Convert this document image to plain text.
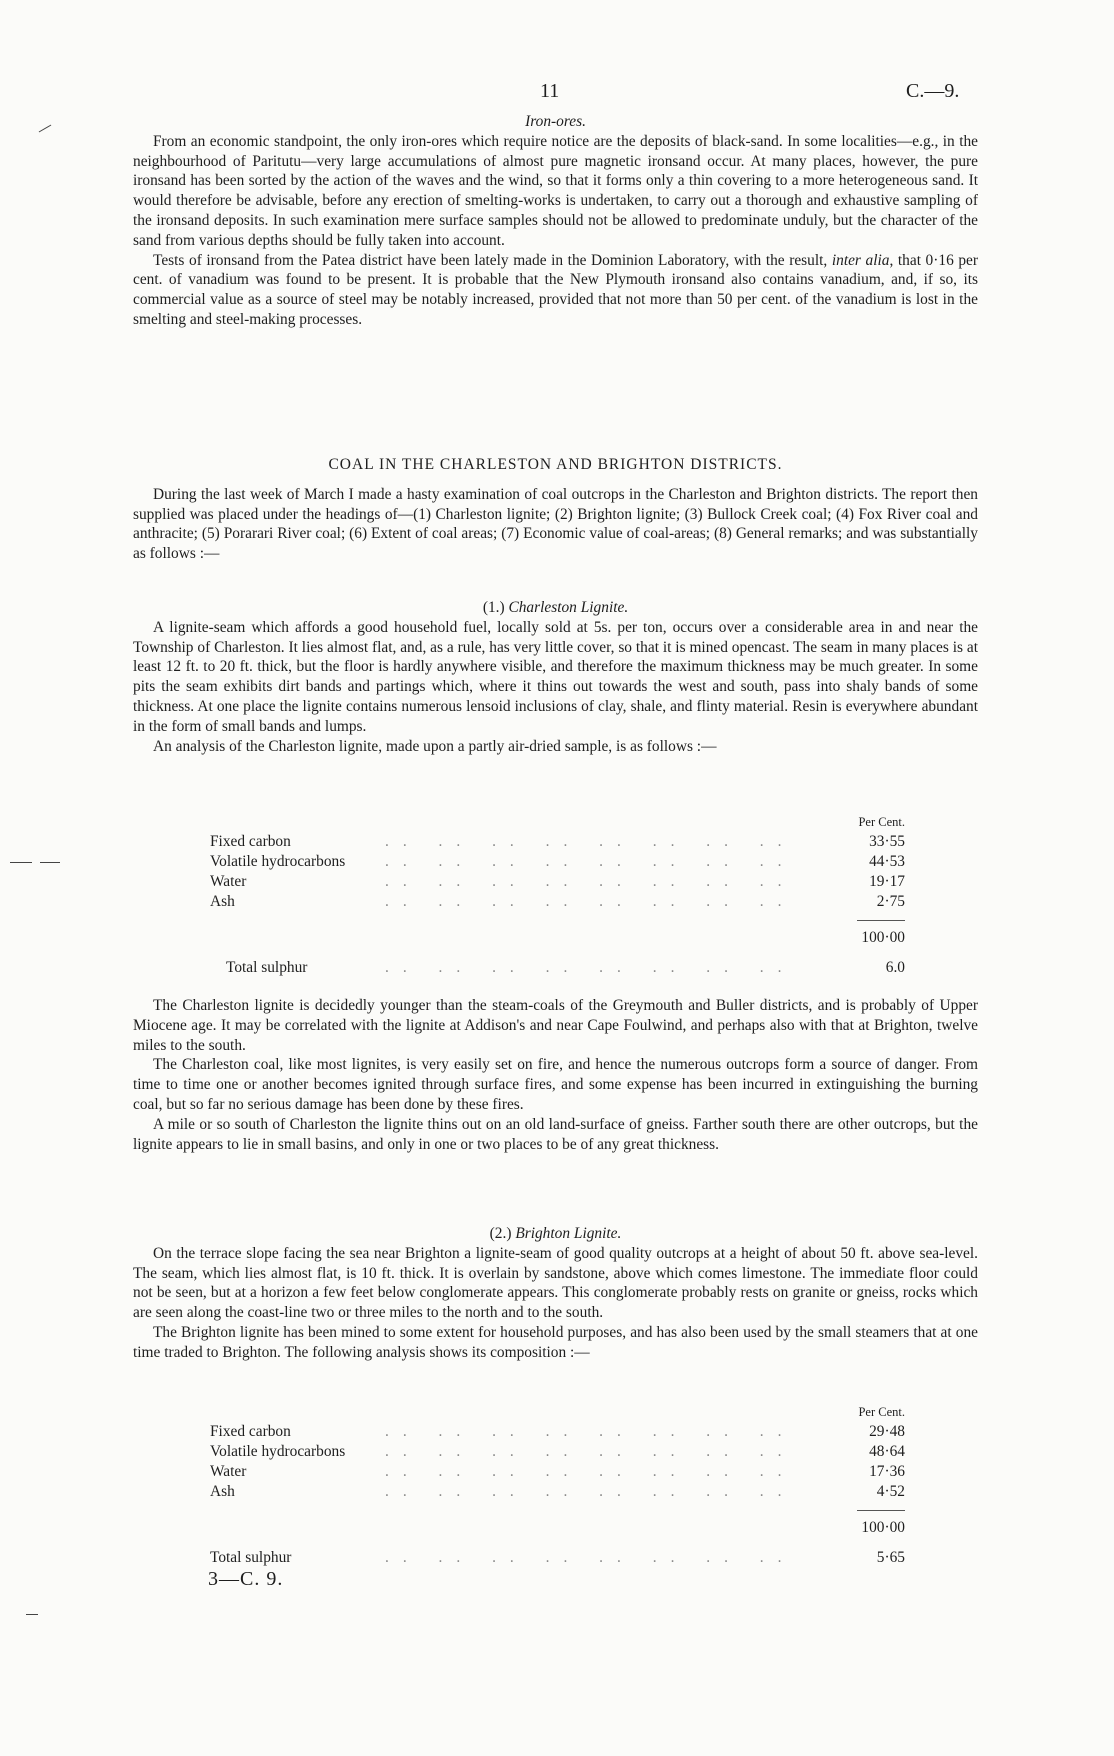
11	C.—9.
Iron-ores.

From an economic standpoint, the only iron-ores which require notice are the deposits of black-sand. In some localities—e.g., in the neighbourhood of Paritutu—very large accumulations of almost pure magnetic ironsand occur. At many places, however, the pure ironsand has been sorted by the action of the waves and the wind, so that it forms only a thin covering to a more heterogeneous sand. It would therefore be advisable, before any erection of smelting-works is undertaken, to carry out a thorough and exhaustive sampling of the ironsand deposits. In such examination mere surface samples should not be allowed to predominate unduly, but the character of the sand from various depths should be fully taken into account.

Tests of ironsand from the Patea district have been lately made in the Dominion Laboratory, with the result, inter alia, that 0·16 per cent. of vanadium was found to be present. It is probable that the New Plymouth ironsand also contains vanadium, and, if so, its commercial value as a source of steel may be notably increased, provided that not more than 50 per cent. of the vanadium is lost in the smelting and steel-making processes.

COAL IN THE CHARLESTON AND BRIGHTON DISTRICTS.

During the last week of March I made a hasty examination of coal outcrops in the Charleston and Brighton districts. The report then supplied was placed under the headings of—(1) Charleston lignite; (2) Brighton lignite; (3) Bullock Creek coal; (4) Fox River coal and anthracite; (5) Porarari River coal; (6) Extent of coal areas; (7) Economic value of coal-areas; (8) General remarks; and was substantially as follows :—

(1.) Charleston Lignite.

A lignite-seam which affords a good household fuel, locally sold at 5s. per ton, occurs over a considerable area in and near the Township of Charleston. It lies almost flat, and, as a rule, has very little cover, so that it is mined opencast. The seam in many places is at least 12 ft. to 20 ft. thick, but the floor is hardly anywhere visible, and therefore the maximum thickness may be much greater. In some pits the seam exhibits dirt bands and partings which, where it thins out towards the west and south, pass into shaly bands of some thickness. At one place the lignite contains numerous lensoid inclusions of clay, shale, and flinty material. Resin is everywhere abundant in the form of small bands and lumps.

An analysis of the Charleston lignite, made upon a partly air-dried sample, is as follows :—

Per Cent.
Fixed carbon	.. .. .. .. .. .. .. ..	33·55
Volatile hydrocarbons	.. .. .. .. .. .. .. ..	44·53
Water	.. .. .. .. .. .. .. ..	19·17
Ash	.. .. .. .. .. .. .. ..	2·75
100·00
Total sulphur	.. .. .. .. .. .. .. ..	6.0

The Charleston lignite is decidedly younger than the steam-coals of the Greymouth and Buller districts, and is probably of Upper Miocene age. It may be correlated with the lignite at Addison's and near Cape Foulwind, and perhaps also with that at Brighton, twelve miles to the south.

The Charleston coal, like most lignites, is very easily set on fire, and hence the numerous outcrops form a source of danger. From time to time one or another becomes ignited through surface fires, and some expense has been incurred in extinguishing the burning coal, but so far no serious damage has been done by these fires.

A mile or so south of Charleston the lignite thins out on an old land-surface of gneiss. Farther south there are other outcrops, but the lignite appears to lie in small basins, and only in one or two places to be of any great thickness.

(2.) Brighton Lignite.

On the terrace slope facing the sea near Brighton a lignite-seam of good quality outcrops at a height of about 50 ft. above sea-level. The seam, which lies almost flat, is 10 ft. thick. It is overlain by sandstone, above which comes limestone. The immediate floor could not be seen, but at a horizon a few feet below conglomerate appears. This conglomerate probably rests on granite or gneiss, rocks which are seen along the coast-line two or three miles to the north and to the south.

The Brighton lignite has been mined to some extent for household purposes, and has also been used by the small steamers that at one time traded to Brighton. The following analysis shows its composition :—

Per Cent.
Fixed carbon	.. .. .. .. .. .. .. ..	29·48
Volatile hydrocarbons	.. .. .. .. .. .. .. ..	48·64
Water	.. .. .. .. .. .. .. ..	17·36
Ash	.. .. .. .. .. .. .. ..	4·52
100·00
Total sulphur	.. .. .. .. .. .. .. ..	5·65
3—C. 9.
